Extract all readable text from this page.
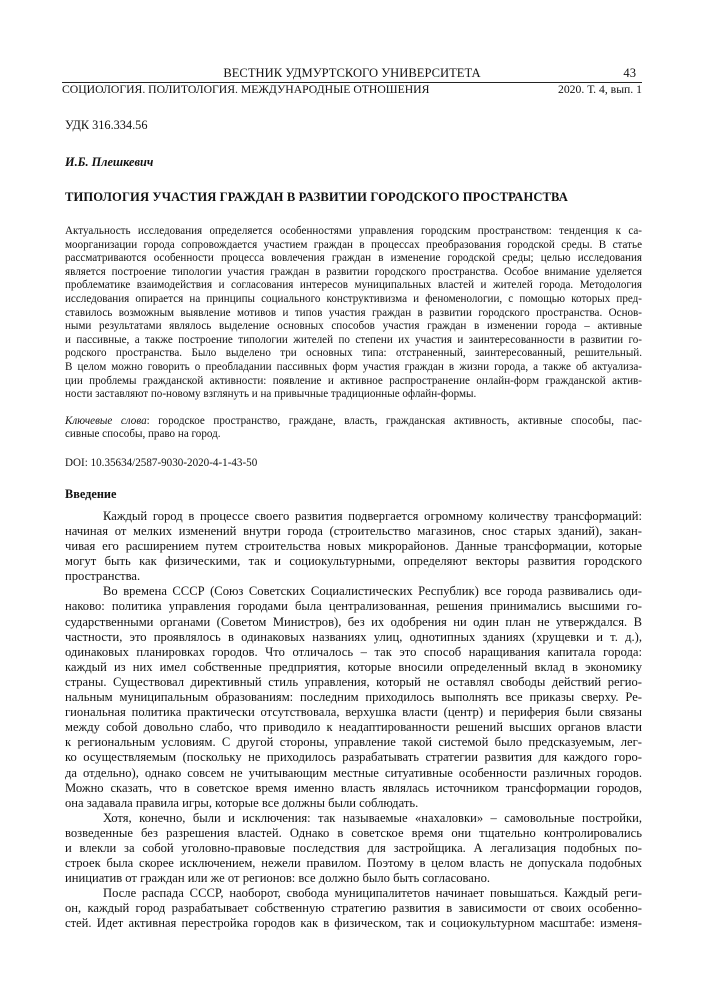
ВЕСТНИК УДМУРТСКОГО УНИВЕРСИТЕТА	43
СОЦИОЛОГИЯ. ПОЛИТОЛОГИЯ. МЕЖДУНАРОДНЫЕ ОТНОШЕНИЯ	2020. Т. 4, вып. 1
УДК 316.334.56
И.Б. Плешкевич
ТИПОЛОГИЯ УЧАСТИЯ ГРАЖДАН В РАЗВИТИИ ГОРОДСКОГО ПРОСТРАНСТВА
Актуальность исследования определяется особенностями управления городским пространством: тенденция к са-
моорганизации города сопровождается участием граждан в процессах преобразования городской среды. В статье
рассматриваются особенности процесса вовлечения граждан в изменение городской среды; целью исследования
является построение типологии участия граждан в развитии городского пространства. Особое внимание уделяется
проблематике взаимодействия и согласования интересов муниципальных властей и жителей города. Методология
исследования опирается на принципы социального конструктивизма и феноменологии, с помощью которых пред-
ставилось возможным выявление мотивов и типов участия граждан в развитии городского пространства. Основ-
ными результатами являлось выделение основных способов участия граждан в изменении города – активные
и пассивные, а также построение типологии жителей по степени их участия и заинтересованности в развитии го-
родского пространства. Было выделено три основных типа: отстраненный, заинтересованный, решительный.
В целом можно говорить о преобладании пассивных форм участия граждан в жизни города, а также об актуализа-
ции проблемы гражданской активности: появление и активное распространение онлайн-форм гражданской актив-
ности заставляют по-новому взглянуть и на привычные традиционные офлайн-формы.
Ключевые слова: городское пространство, граждане, власть, гражданская активность, активные способы, пас-
сивные способы, право на город.
DOI: 10.35634/2587-9030-2020-4-1-43-50
Введение
Каждый город в процессе своего развития подвергается огромному количеству трансформаций:
начиная от мелких изменений внутри города (строительство магазинов, снос старых зданий), закан-
чивая его расширением путем строительства новых микрорайонов. Данные трансформации, которые
могут быть как физическими, так и социокультурными, определяют векторы развития городского
пространства.
Во времена СССР (Союз Советских Социалистических Республик) все города развивались оди-
наково: политика управления городами была централизованная, решения принимались высшими го-
сударственными органами (Советом Министров), без их одобрения ни один план не утверждался. В
частности, это проявлялось в одинаковых названиях улиц, однотипных зданиях (хрущевки и т. д.),
одинаковых планировках городов. Что отличалось – так это способ наращивания капитала города:
каждый из них имел собственные предприятия, которые вносили определенный вклад в экономику
страны. Существовал директивный стиль управления, который не оставлял свободы действий регио-
нальным муниципальным образованиям: последним приходилось выполнять все приказы сверху. Ре-
гиональная политика практически отсутствовала, верхушка власти (центр) и периферия были связаны
между собой довольно слабо, что приводило к неадаптированности решений высших органов власти
к региональным условиям. С другой стороны, управление такой системой было предсказуемым, лег-
ко осуществляемым (поскольку не приходилось разрабатывать стратегии развития для каждого горо-
да отдельно), однако совсем не учитывающим местные ситуативные особенности различных городов.
Можно сказать, что в советское время именно власть являлась источником трансформации городов,
она задавала правила игры, которые все должны были соблюдать.
Хотя, конечно, были и исключения: так называемые «нахаловки» – самовольные постройки,
возведенные без разрешения властей. Однако в советское время они тщательно контролировались
и влекли за собой уголовно-правовые последствия для застройщика. А легализация подобных по-
строек была скорее исключением, нежели правилом. Поэтому в целом власть не допускала подобных
инициатив от граждан или же от регионов: все должно было быть согласовано.
После распада СССР, наоборот, свобода муниципалитетов начинает повышаться. Каждый реги-
он, каждый город разрабатывает собственную стратегию развития в зависимости от своих особенно-
стей. Идет активная перестройка городов как в физическом, так и социокультурном масштабе: изменя-
